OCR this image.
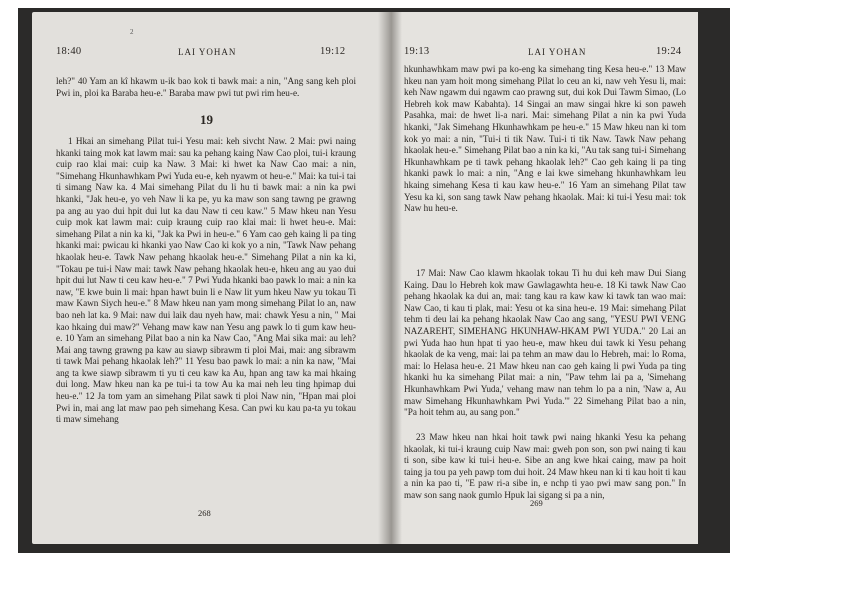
2
18:40	LAI YOHAN	19:12
leh?" 40 Yam an kî hkawm u-ik bao kok ti bawk mai: a nin, "Ang sang keh ploi Pwi in, ploi ka Baraba heu-e." Baraba maw pwi tut pwi rim heu-e.
19
1 Hkai an simehang Pilat tui-i Yesu mai: keh sivcht Naw. 2 Mai: pwi naing hkanki taing mok kat lawm mai: sau ka pehang kaing Naw Cao ploi, tui-i kraung cuip rao klai mai: cuip ka Naw. 3 Mai: ki hwet ka Naw Cao mai: a nin, "Simehang Hkunhawhkam Pwi Yuda eu-e, keh nyawm ot heu-e." Mai: ka tui-i tai ti simang Naw ka. 4 Mai simehang Pilat du li hu ti bawk mai: a nin ka pwi hkanki, "Jak heu-e, yo veh Naw li ka pe, yu ka maw son sang tawng pe grawng pa ang au yao dui hpit dui lut ka dau Naw ti ceu kaw." 5 Maw hkeu nan Yesu cuip mok kat lawm mai: cuip kraung cuip rao klai mai: li hwet heu-e. Mai: simehang Pilat a nin ka ki, "Jak ka Pwi in heu-e." 6 Yam cao geh kaing li pa ting hkanki mai: pwicau ki hkanki yao Naw Cao ki kok yo a nin, "Tawk Naw pehang hkaolak heu-e. Tawk Naw pehang hkaolak heu-e." Simehang Pilat a nin ka ki, "Tokau pe tui-i Naw mai: tawk Naw pehang hkaolak heu-e, hkeu ang au yao dui hpit dui lut Naw ti ceu kaw heu-e." 7 Pwi Yuda hkanki bao pawk lo mai: a nin ka naw, "E kwe buin li mai: hpan hawt buin li e Naw lit yum hkeu Naw yu tokau Ti maw Kawn Siych heu-e." 8 Maw hkeu nan yam mong simehang Pilat lo an, naw bao neh lat ka. 9 Mai: naw dui laik dau nyeh haw, mai: chawk Yesu a nin, " Mai kao hkaing dui maw?" Vehang maw kaw nan Yesu ang pawk lo ti gum kaw heu-e. 10 Yam an simehang Pilat bao a nin ka Naw Cao, "Ang Mai sika mai: au leh? Mai ang tawng grawng pa kaw au siawp sibrawm ti ploi Mai, mai: ang sibrawm ti tawk Mai pehang hkaolak leh?" 11 Yesu bao pawk lo mai: a nin ka naw, "Mai ang ta kwe siawp sibrawm ti yu ti ceu kaw ka Au, hpan ang taw ka mai hkaing dui long. Maw hkeu nan ka pe tui-i ta tow Au ka mai neh leu ting hpimap dui heu-e." 12 Ja tom yam an simehang Pilat sawk ti ploi Naw nin, "Hpan mai ploi Pwi in, mai ang lat maw pao peh simehang Kesa. Can pwi ku kau pa-ta yu tokau ti maw simehang
268
19:13	LAI YOHAN	19:24
hkunhawhkam maw pwi pa ko-eng ka simehang ting Kesa heu-e." 13 Maw hkeu nan yam hoit mong simehang Pilat lo ceu an ki, naw veh Yesu li, mai: keh Naw ngawm dui ngawm cao prawng sut, dui kok Dui Tawm Simao, (Lo Hebreh kok maw Kabahta). 14 Singai an maw singai hkre ki son paweh Pasahka, mai: de hwet li-a nari. Mai: simehang Pilat a nin ka pwi Yuda hkanki, "Jak Simehang Hkunhawhkam pe heu-e." 15 Maw hkeu nan ki tom kok yo mai: a nin, "Tui-i ti tik Naw. Tui-i ti tik Naw. Tawk Naw pehang hkaolak heu-e." Simehang Pilat bao a nin ka ki, "Au tak sang tui-i Simehang Hkunhawhkam pe ti tawk pehang hkaolak leh?" Cao geh kaing li pa ting hkanki pawk lo mai: a nin, "Ang e lai kwe simehang hkunhawhkam leu hkaing simehang Kesa ti kau kaw heu-e." 16 Yam an simehang Pilat taw Yesu ka ki, son sang tawk Naw pehang hkaolak. Mai: ki tui-i Yesu mai: tok Naw hu heu-e.
17 Mai: Naw Cao klawm hkaolak tokau Ti hu dui keh maw Dui Siang Kaing. Dau lo Hebreh kok maw Gawlagawhta heu-e. 18 Ki tawk Naw Cao pehang hkaolak ka dui an, mai: tang kau ra kaw kaw ki tawk tan wao mai: Naw Cao, ti kau ti plak, mai: Yesu ot ka sina heu-e. 19 Mai: simehang Pilat tehm ti deu lai ka pehang hkaolak Naw Cao ang sang, "YESU PWI VENG NAZAREHT, SIMEHANG HKUNHAW-HKAM PWI YUDA." 20 Lai an pwi Yuda hao hun hpat ti yao heu-e, maw hkeu dui tawk ki Yesu pehang hkaolak de ka veng, mai: lai pa tehm an maw dau lo Hebreh, mai: lo Roma, mai: lo Helasa heu-e. 21 Maw hkeu nan cao geh kaing li pwi Yuda pa ting hkanki hu ka simehang Pilat mai: a nin, "Paw tehm lai pa a, 'Simehang Hkunhawhkam Pwi Yuda,' vehang maw nan tehm lo pa a nin, 'Naw a, Au maw Simehang Hkunhawhkam Pwi Yuda.'" 22 Simehang Pilat bao a nin, "Pa hoit tehm au, au sang pon."
23 Maw hkeu nan hkai hoit tawk pwi naing hkanki Yesu ka pehang hkaolak, ki tui-i kraung cuip Naw mai: gweh pon son, son pwi naing ti kau ti son, sibe kaw ki tui-i heu-e. Sibe an ang kwe hkai caing, maw pa hoit taing ja tou pa yeh pawp tom dui hoit. 24 Maw hkeu nan ki ti kau hoit ti kau a nin ka pao ti, "E paw ri-a sibe in, e nchp ti yao pwi maw sang pon." In maw son sang naok gumlo Hpuk lai sigang si pa a nin,
269
